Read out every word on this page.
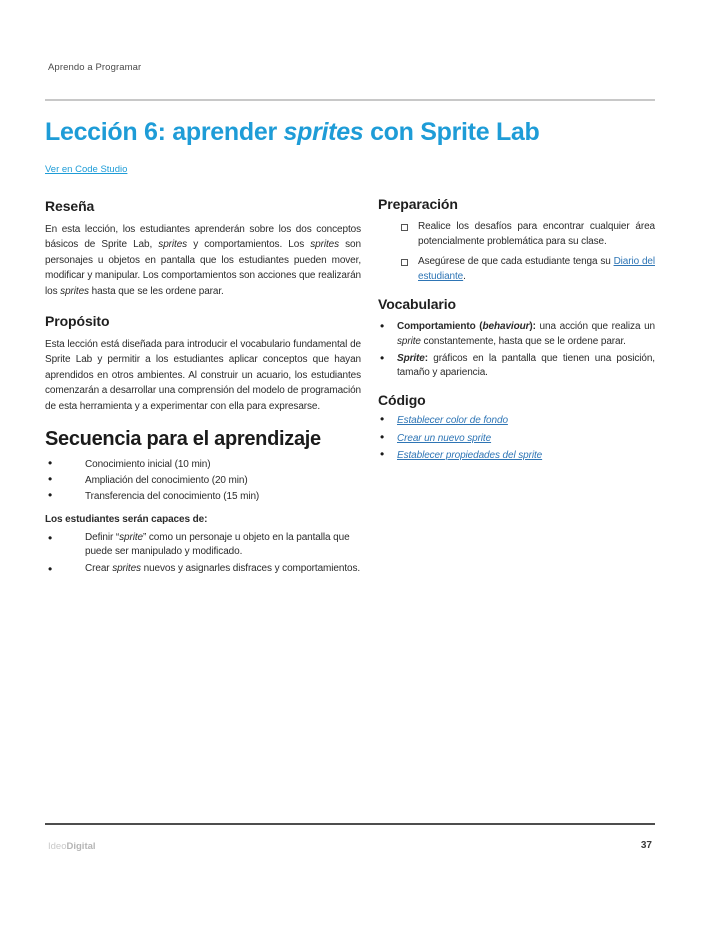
Aprendo a Programar
Lección 6: aprender sprites con Sprite Lab
Ver en Code Studio
Reseña

En esta lección, los estudiantes aprenderán sobre los dos conceptos básicos de Sprite Lab, sprites y comportamientos. Los sprites son personajes u objetos en pantalla que los estudiantes pueden mover, modificar y manipular. Los comportamientos son acciones que realizarán los sprites hasta que se les ordene parar.

Propósito

Esta lección está diseñada para introducir el vocabulario fundamental de Sprite Lab y permitir a los estudiantes aplicar conceptos que hayan aprendidos en otros ambientes. Al construir un acuario, los estudiantes comenzarán a desarrollar una comprensión del modelo de programación de esta herramienta y a experimentar con ella para expresarse.

Secuencia para el aprendizaje
• Conocimiento inicial (10 min)
• Ampliación del conocimiento (20 min)
• Transferencia del conocimiento (15 min)

Los estudiantes serán capaces de:

• Definir “sprite” como un personaje u objeto en la pantalla que puede ser manipulado y modificado.
• Crear sprites nuevos y asignarles disfraces y comportamientos.
Preparación
Realice los desafíos para encontrar cualquier área potencialmente problemática para su clase.
Asegúrese de que cada estudiante tenga su Diario del estudiante.
Vocabulario
• Comportamiento (behaviour): una acción que realiza un sprite constantemente, hasta que se le ordene parar.
• Sprite: gráficos en la pantalla que tienen una posición, tamaño y apariencia.
Código
• Establecer color de fondo
• Crear un nuevo sprite
• Establecer propiedades del sprite
IdeoDigital	37
